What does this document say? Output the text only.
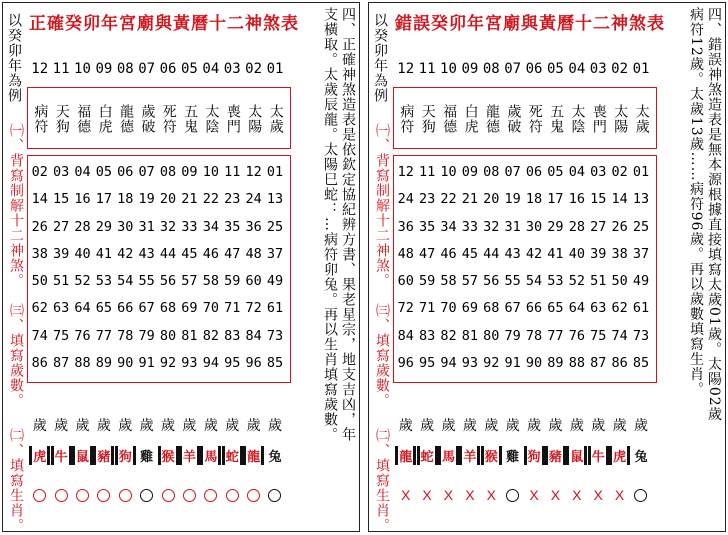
正確癸卯年宮廟與黃曆十二神煞表
以癸卯年為例
㈠、背寫制解十二神煞。
㈢、填寫歲數。
㈡、填寫生肖。
四、正確神煞造表是依欽定協紀辨方書、果老星宗，地支吉凶，年
支橫取。太歲辰龍。太陽巳蛇：…病符卯兔。再以生肖填寫歲數。
12 11 10 09 08 07 06 05 04 03 02 01
病符 天狗 福德 白虎 龍德 歲破 死符 五鬼 太陰 喪門 太陽 太歲
02 03 04 05 06 07 08 09 10 11 12 01
14 15 16 17 18 19 20 21 22 23 24 13
26 27 28 29 30 31 32 33 34 35 36 25
38 39 40 41 42 43 44 45 46 47 48 37
50 51 52 53 54 55 56 57 58 59 60 49
62 63 64 65 66 67 68 69 70 71 72 61
74 75 76 77 78 79 80 81 82 83 84 73
86 87 88 89 90 91 92 93 94 95 96 85
歲 歲 歲 歲 歲 歲 歲 歲 歲 歲 歲 歲
虎 牛 鼠 豬 狗 雞 猴 羊 馬 蛇 龍 兔
錯誤癸卯年宮廟與黃曆十二神煞表
以癸卯年為例
㈠、背寫制解十二神煞。
㈢、填寫歲數。
㈡、填寫生肖。
四、錯誤神煞造表是無本源根據直接填寫太歲01歲。太陽02歲
病符12歲。太歲13歲……病符96歲。再以歲數填寫生肖。
12 11 10 09 08 07 06 05 04 03 02 01
病符 天狗 福德 白虎 龍德 歲破 死符 五鬼 太陰 喪門 太陽 太歲
12 11 10 09 08 07 06 05 04 03 02 01
24 23 22 21 20 19 18 17 16 15 14 13
36 35 34 33 32 31 30 29 28 27 26 25
48 47 46 45 44 43 42 41 40 39 38 37
60 59 58 57 56 55 54 53 52 51 50 49
72 71 70 69 68 67 66 65 64 63 62 61
84 83 82 81 80 79 78 77 76 75 74 73
96 95 94 93 92 91 90 89 88 87 86 85
歲 歲 歲 歲 歲 歲 歲 歲 歲 歲 歲 歲
龍 蛇 馬 羊 猴 雞 狗 豬 鼠 牛 虎 兔
X X X X X X X X X X
